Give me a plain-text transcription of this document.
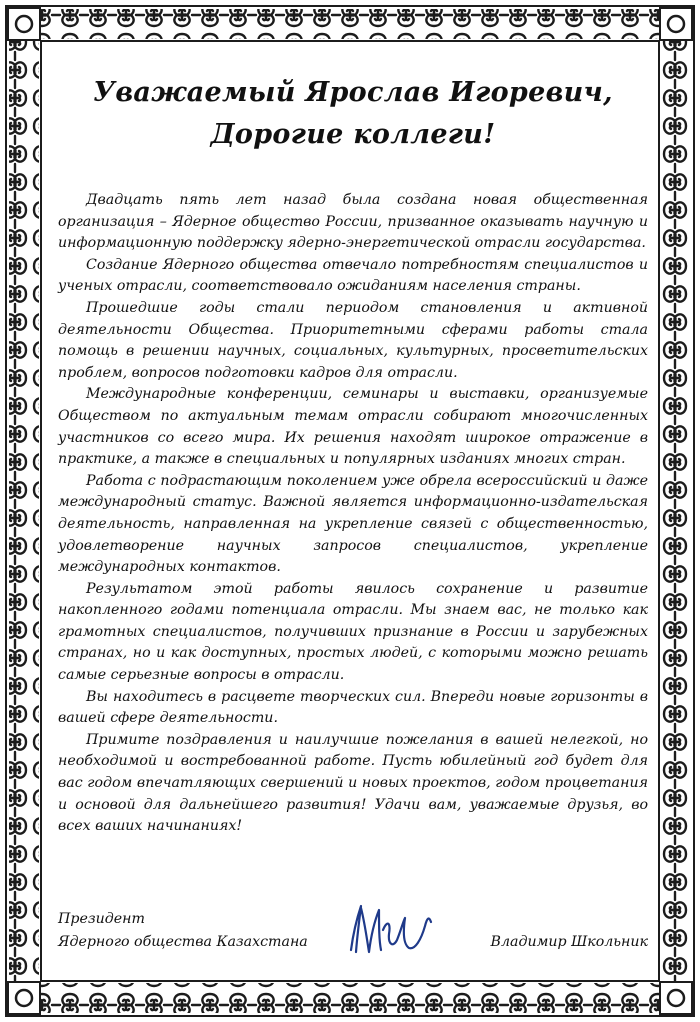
Уважаемый Ярослав Игоревич,
Дорогие коллеги!

Двадцать пять лет назад была создана новая общественная организация – Ядерное общество России, призванное оказывать научную и информационную поддержку ядерно-энергетической отрасли государства.

Создание Ядерного общества отвечало потребностям специалистов и ученых отрасли, соответствовало ожиданиям населения страны.

Прошедшие годы стали периодом становления и активной деятельности Общества. Приоритетными сферами работы стала помощь в решении научных, социальных, культурных, просветительских проблем, вопросов подготовки кадров для отрасли.

Международные конференции, семинары и выставки, организуемые Обществом по актуальным темам отрасли собирают многочисленных участников со всего мира. Их решения находят широкое отражение в практике, а также в специальных и популярных изданиях многих стран.

Работа с подрастающим поколением уже обрела всероссийский и даже международный статус. Важной является информационно-издательская деятельность, направленная на укрепление связей с общественностью, удовлетворение научных запросов специалистов, укрепление международных контактов.

Результатом этой работы явилось сохранение и развитие накопленного годами потенциала отрасли. Мы знаем вас, не только как грамотных специалистов, получивших признание в России и зарубежных странах, но и как доступных, простых людей, с которыми можно решать самые серьезные вопросы в отрасли.

Вы находитесь в расцвете творческих сил. Впереди новые горизонты в вашей сфере деятельности.

Примите поздравления и наилучшие пожелания в вашей нелегкой, но необходимой и востребованной работе. Пусть юбилейный год будет для вас годом впечатляющих свершений и новых проектов, годом процветания и основой для дальнейшего развития! Удачи вам, уважаемые друзья, во всех ваших начинаниях!

Президент
Ядерного общества Казахстана	Владимир Школьник
